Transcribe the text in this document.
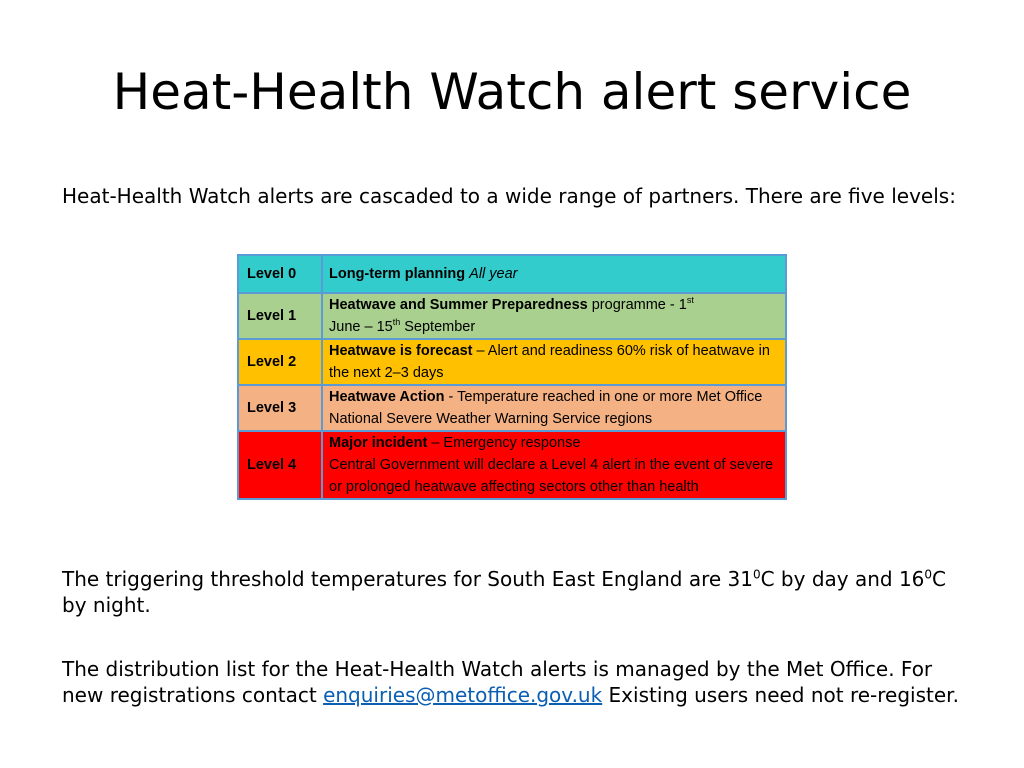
Heat-Health Watch alert service

Heat-Health Watch alerts are cascaded to a wide range of partners. There are five levels:

Level 0	Long-term planning All year
Level 1	Heatwave and Summer Preparedness programme - 1st
June – 15th September
Level 2	Heatwave is forecast – Alert and readiness 60% risk of heatwave in the next 2–3 days
Level 3	Heatwave Action - Temperature reached in one or more Met Office National Severe Weather Warning Service regions
Level 4	Major incident – Emergency response
Central Government will declare a Level 4 alert in the event of severe or prolonged heatwave affecting sectors other than health

The triggering threshold temperatures for South East England are $31^0C$ by day and $16^0C$ by night.

The distribution list for the Heat-Health Watch alerts is managed by the Met Office. For new registrations contact enquiries@metoffice.gov.uk Existing users need not re-register.
